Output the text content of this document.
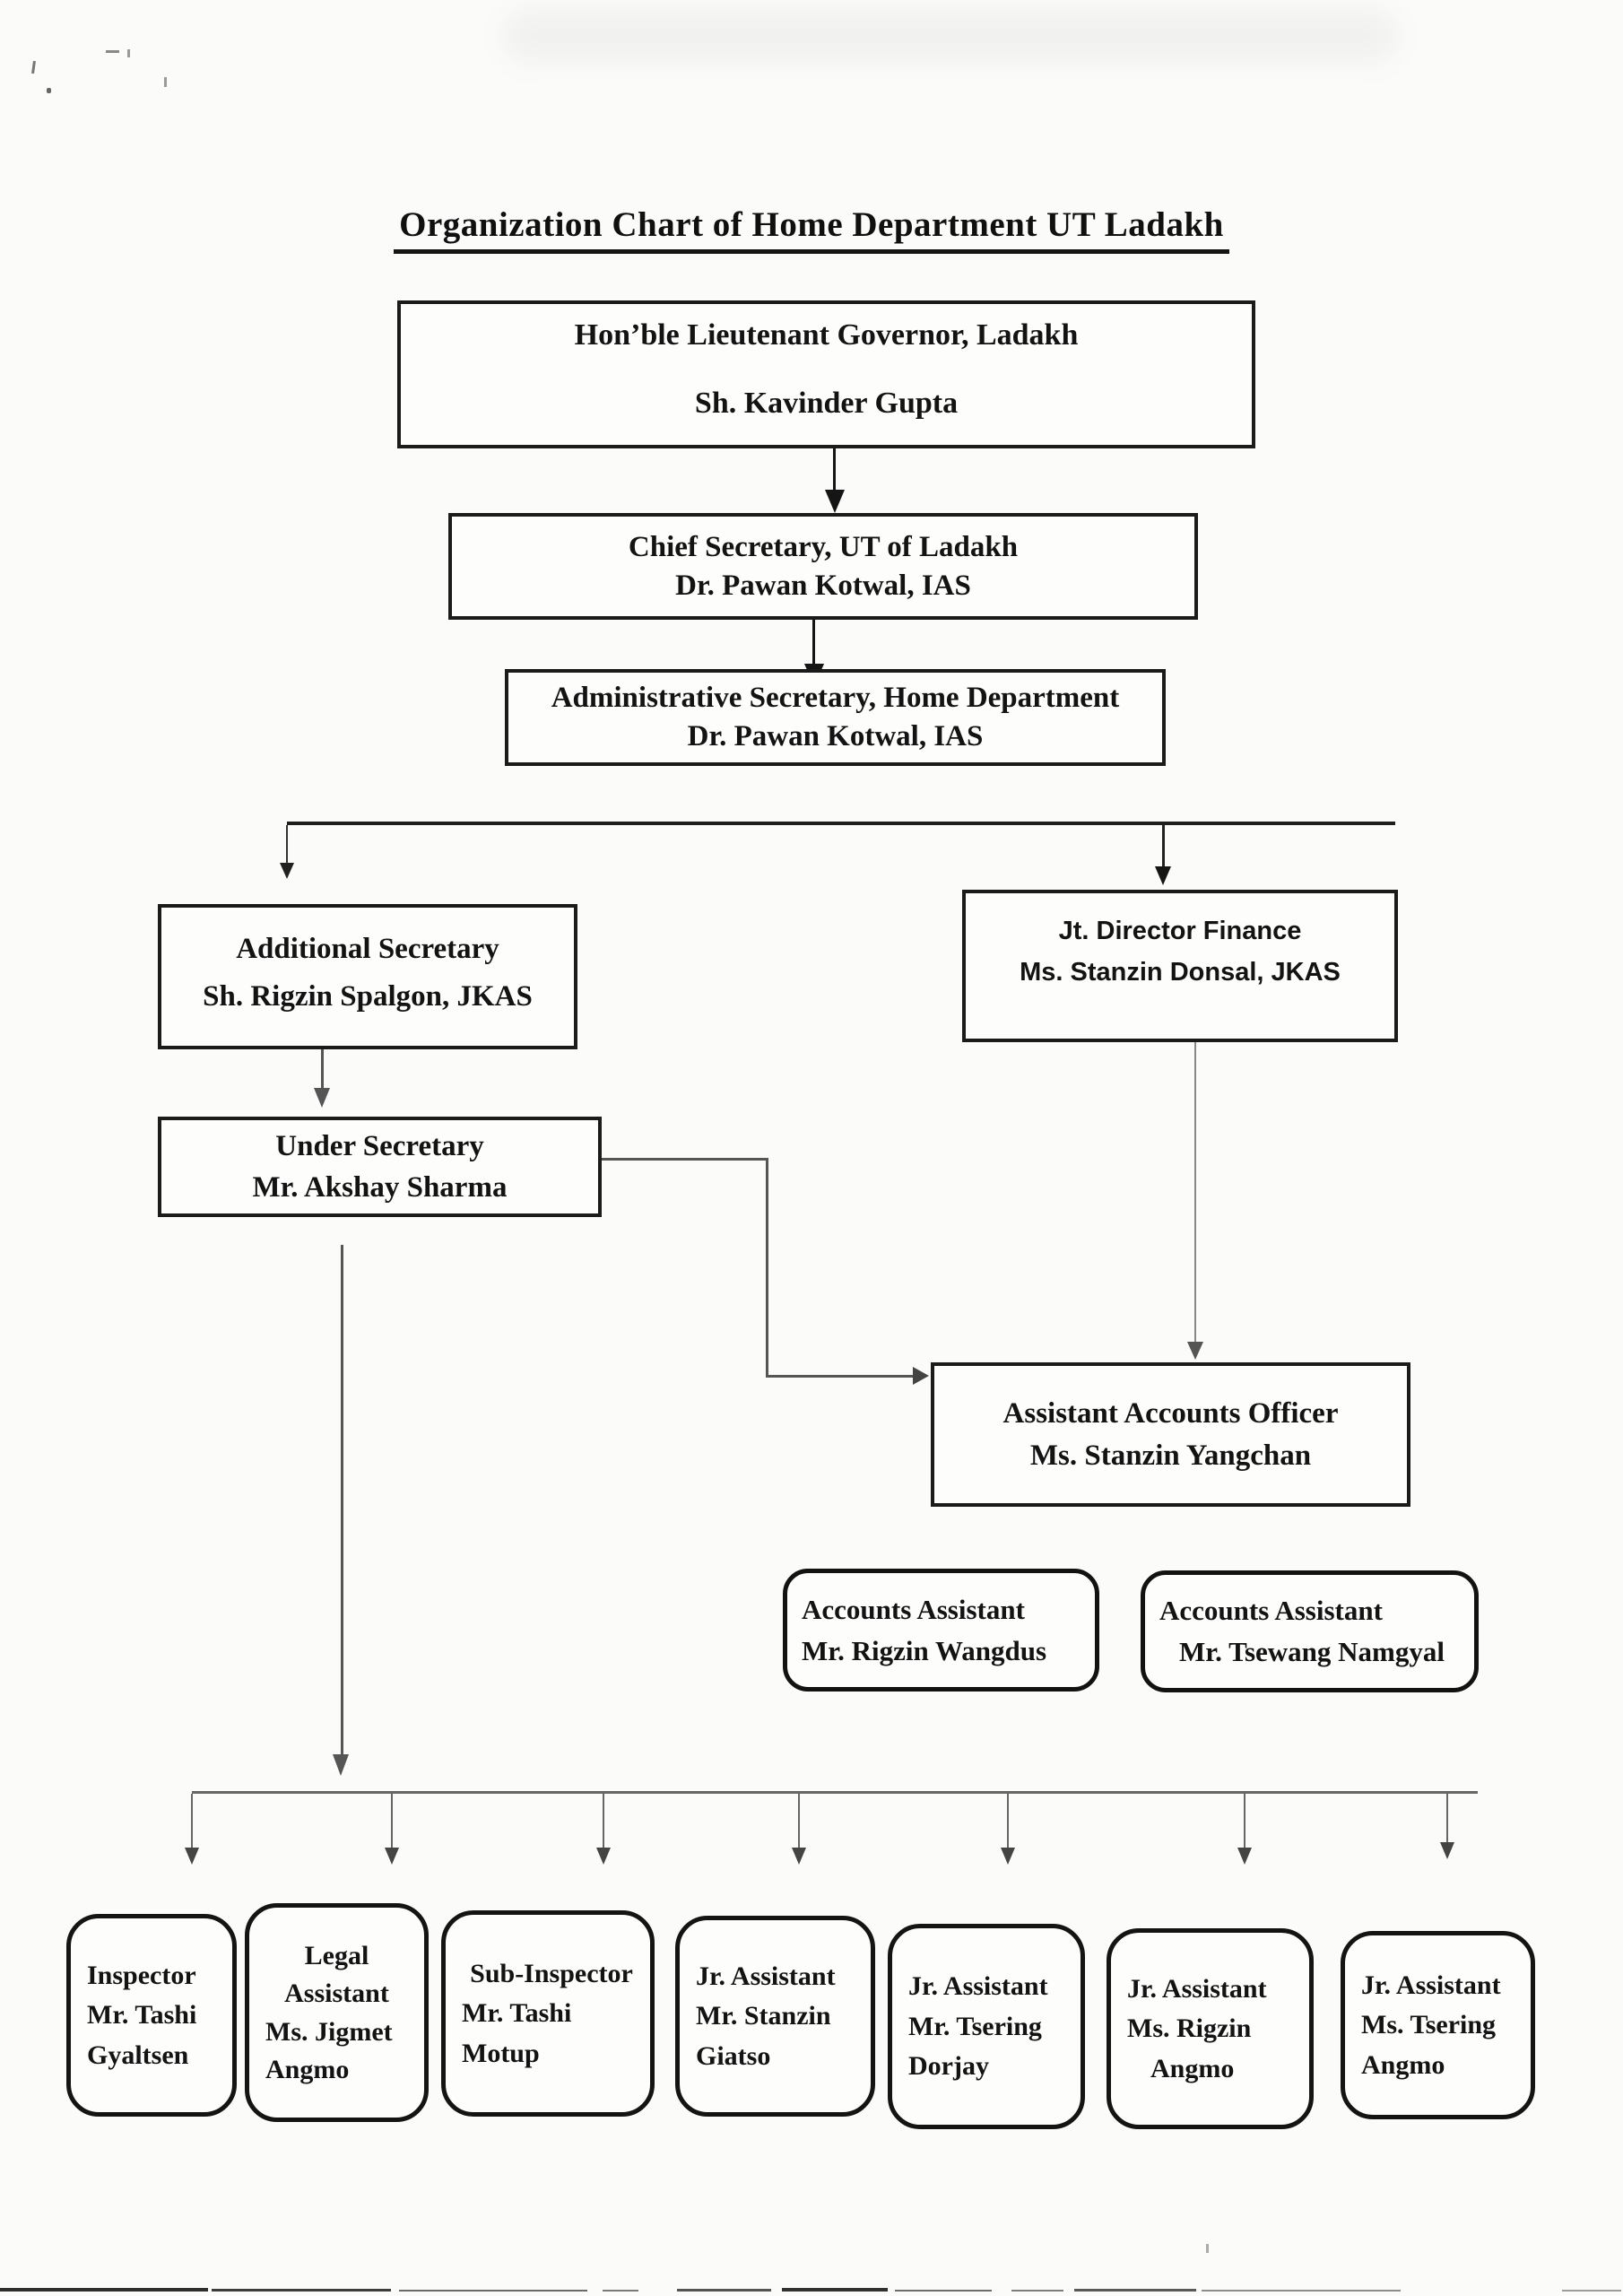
Organization Chart of Home Department UT Ladakh
Hon’ble Lieutenant Governor, Ladakh
Sh. Kavinder Gupta
Chief Secretary, UT of Ladakh
Dr. Pawan Kotwal, IAS
Administrative Secretary, Home Department
Dr. Pawan Kotwal, IAS
Additional Secretary
Sh. Rigzin Spalgon, JKAS
Jt. Director Finance
Ms. Stanzin Donsal, JKAS
Under Secretary
Mr. Akshay Sharma
Assistant Accounts Officer
Ms. Stanzin Yangchan
Accounts Assistant
Mr. Rigzin Wangdus
Accounts Assistant
Mr. Tsewang Namgyal
Inspector
Mr. Tashi
Gyaltsen
Legal
Assistant
Ms. Jigmet
Angmo
Sub-Inspector
Mr. Tashi
Motup
Jr. Assistant
Mr. Stanzin
Giatso
Jr. Assistant
Mr. Tsering
Dorjay
Jr. Assistant
Ms. Rigzin
Angmo
Jr. Assistant
Ms. Tsering
Angmo
